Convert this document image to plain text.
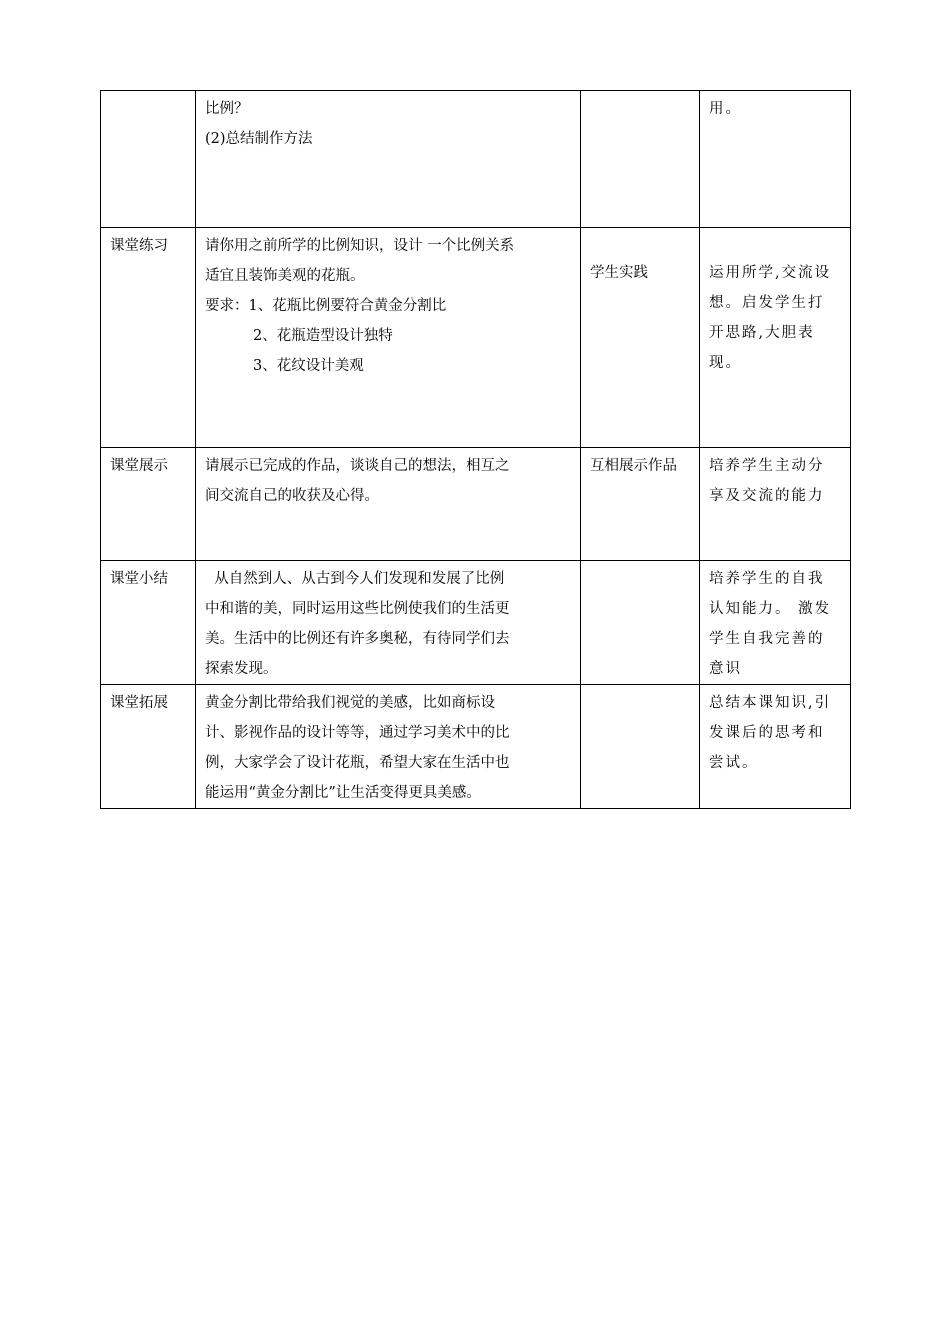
	比例？
(2)总结制作方法		用。

课堂练习	请你用之前所学的比例知识，设计 一个比例关系
适宜且装饰美观的花瓶。
要求：1、花瓶比例要符合黄金分割比
2、花瓶造型设计独特
3、花纹设计美观	学生实践	运用所学,交流设
想。启发学生打
开思路,大胆表
现。

课堂展示	请展示已完成的作品，谈谈自己的想法，相互之
间交流自己的收获及心得。	互相展示作品	培养学生主动分
享及交流的能力

课堂小结	从自然到人、从古到今人们发现和发展了比例
中和谐的美，同时运用这些比例使我们的生活更
美。生活中的比例还有许多奥秘，有待同学们去
探索发现。		培养学生的自我
认知能力。 激发
学生自我完善的
意识

课堂拓展	黄金分割比带给我们视觉的美感，比如商标设
计、影视作品的设计等等，通过学习美术中的比
例，大家学会了设计花瓶，希望大家在生活中也
能运用“黄金分割比”让生活变得更具美感。		总结本课知识,引
发课后的思考和
尝试。
